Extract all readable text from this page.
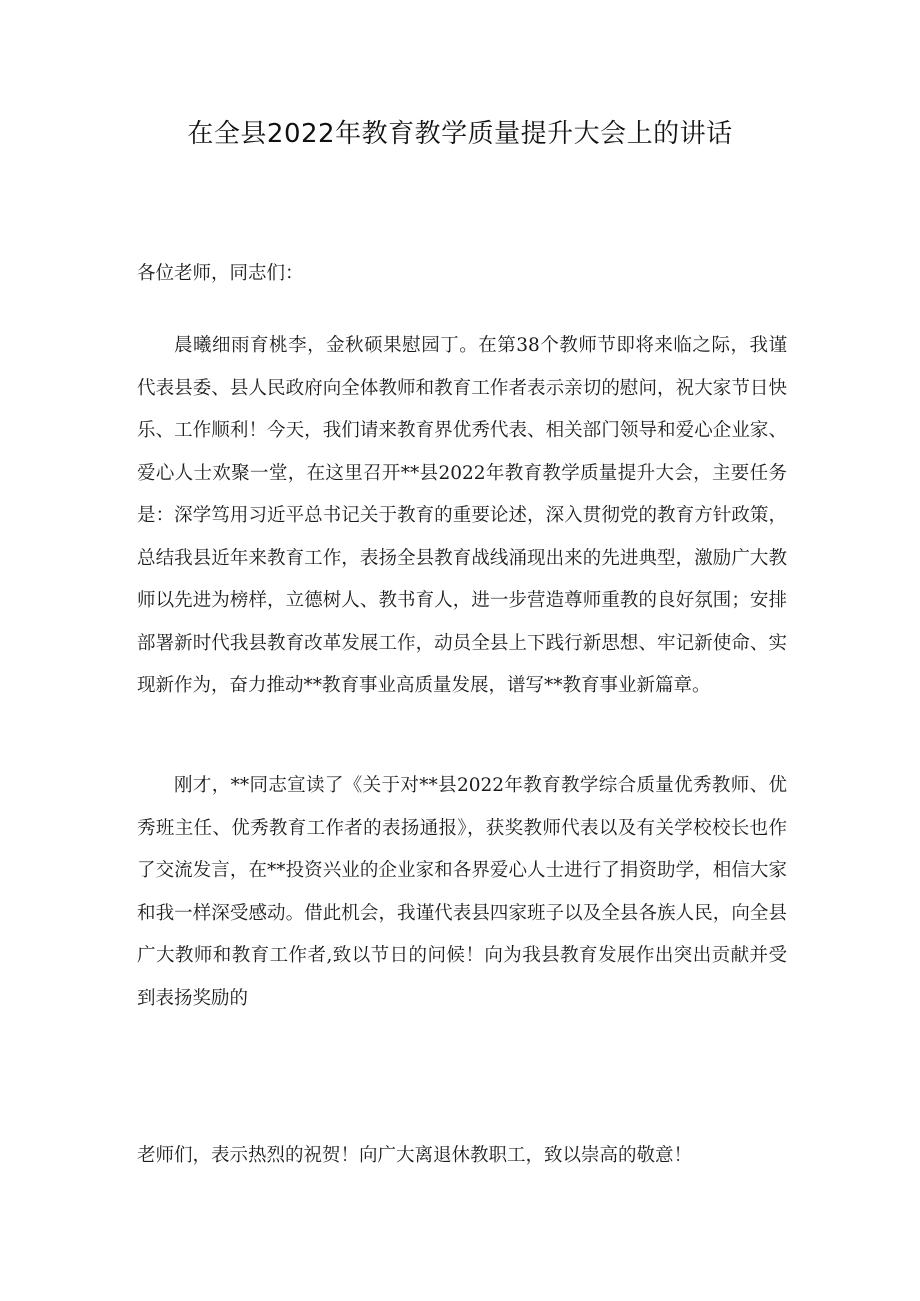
在全县2022年教育教学质量提升大会上的讲话

各位老师，同志们：

晨曦细雨育桃李，金秋硕果慰园丁。在第38个教师节即将来临之际，我谨代表县委、县人民政府向全体教师和教育工作者表示亲切的慰问，祝大家节日快乐、工作顺利！今天，我们请来教育界优秀代表、相关部门领导和爱心企业家、爱心人士欢聚一堂，在这里召开**县2022年教育教学质量提升大会，主要任务是：深学笃用习近平总书记关于教育的重要论述，深入贯彻党的教育方针政策，总结我县近年来教育工作，表扬全县教育战线涌现出来的先进典型，激励广大教师以先进为榜样，立德树人、教书育人，进一步营造尊师重教的良好氛围；安排部署新时代我县教育改革发展工作，动员全县上下践行新思想、牢记新使命、实现新作为，奋力推动**教育事业高质量发展，谱写**教育事业新篇章。

刚才，**同志宣读了《关于对**县2022年教育教学综合质量优秀教师、优秀班主任、优秀教育工作者的表扬通报》，获奖教师代表以及有关学校校长也作了交流发言，在**投资兴业的企业家和各界爱心人士进行了捐资助学，相信大家和我一样深受感动。借此机会，我谨代表县四家班子以及全县各族人民，向全县广大教师和教育工作者,致以节日的问候！向为我县教育发展作出突出贡献并受到表扬奖励的

老师们，表示热烈的祝贺！向广大离退休教职工，致以崇高的敬意！
